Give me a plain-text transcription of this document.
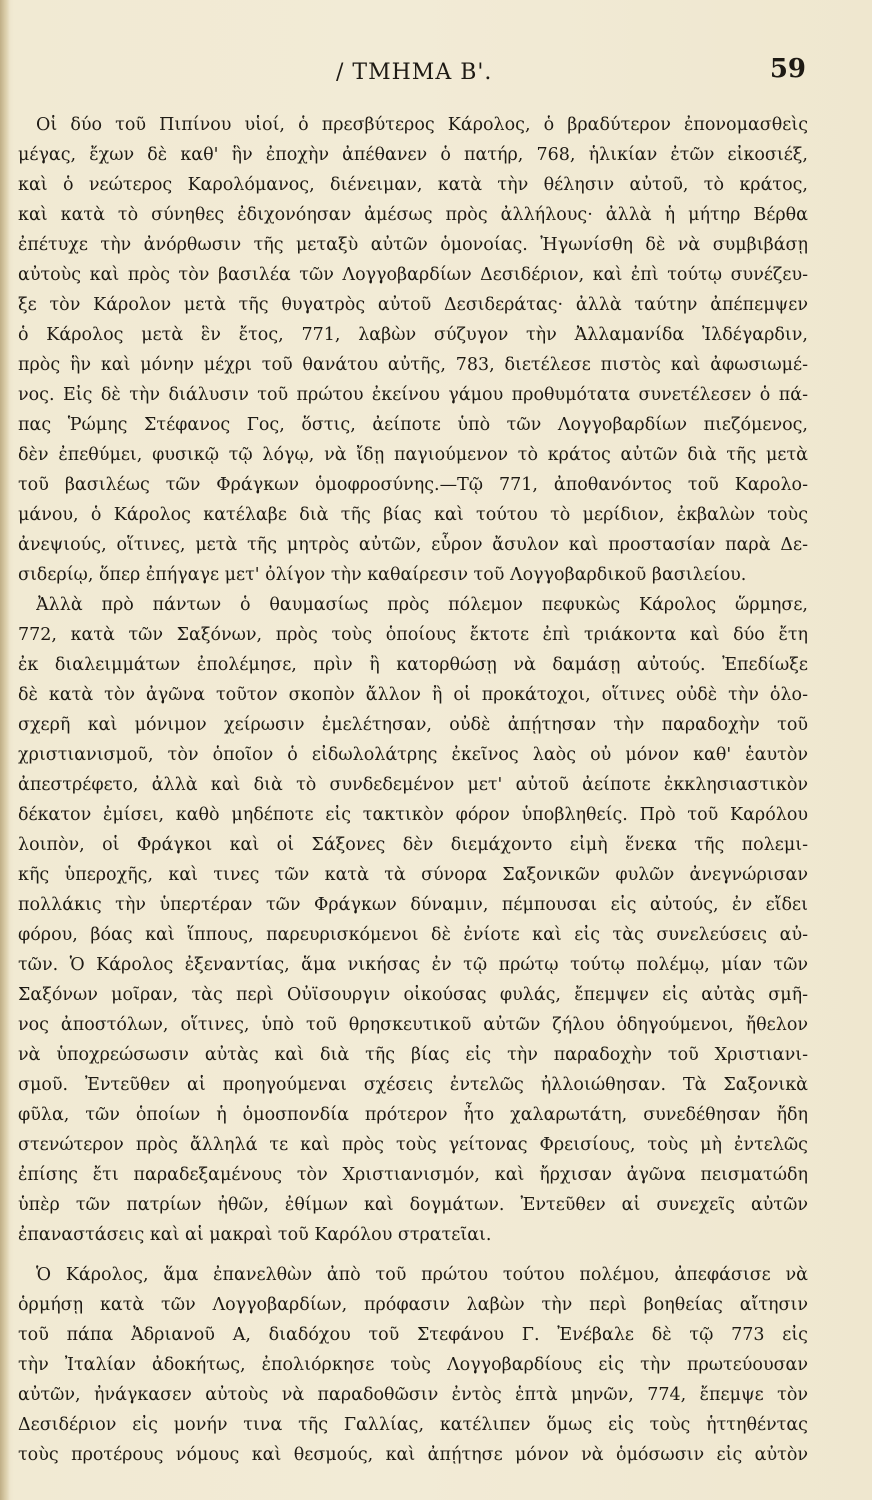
/ ΤΜΗΜΑ Β'.	59
Οἱ δύο τοῦ Πιπίνου υἱοί, ὁ πρεσβύτερος Κάρολος, ὁ βραδύτερον ἐπονομασθεὶς
μέγας, ἔχων δὲ καθ' ἣν ἐποχὴν ἀπέθανεν ὁ πατήρ, 768, ἡλικίαν ἐτῶν εἰκοσιέξ,
καὶ ὁ νεώτερος Καρολόμανος, διένειμαν, κατὰ τὴν θέλησιν αὐτοῦ, τὸ κράτος,
καὶ κατὰ τὸ σύνηθες ἐδιχονόησαν ἀμέσως πρὸς ἀλλήλους· ἀλλὰ ἡ μήτηρ Βέρθα
ἐπέτυχε τὴν ἀνόρθωσιν τῆς μεταξὺ αὐτῶν ὁμονοίας. Ἠγωνίσθη δὲ νὰ συμβιβάσῃ
αὐτοὺς καὶ πρὸς τὸν βασιλέα τῶν Λογγοβαρδίων Δεσιδέριον, καὶ ἐπὶ τούτῳ συνέζευ-
ξε τὸν Κάρολον μετὰ τῆς θυγατρὸς αὐτοῦ Δεσιδεράτας· ἀλλὰ ταύτην ἀπέπεμψεν
ὁ Κάρολος μετὰ ἓν ἔτος, 771, λαβὼν σύζυγον τὴν Ἀλλαμανίδα Ἰλδέγαρδιν,
πρὸς ἣν καὶ μόνην μέχρι τοῦ θανάτου αὐτῆς, 783, διετέλεσε πιστὸς καὶ ἀφωσιωμέ-
νος. Εἰς δὲ τὴν διάλυσιν τοῦ πρώτου ἐκείνου γάμου προθυμότατα συνετέλεσεν ὁ πά-
πας Ῥώμης Στέφανος Γος, ὅστις, ἀείποτε ὑπὸ τῶν Λογγοβαρδίων πιεζόμενος,
δὲν ἐπεθύμει, φυσικῷ τῷ λόγῳ, νὰ ἴδῃ παγιούμενον τὸ κράτος αὐτῶν διὰ τῆς μετὰ
τοῦ βασιλέως τῶν Φράγκων ὁμοφροσύνης.—Τῷ 771, ἀποθανόντος τοῦ Καρολο-
μάνου, ὁ Κάρολος κατέλαβε διὰ τῆς βίας καὶ τούτου τὸ μερίδιον, ἐκβαλὼν τοὺς
ἀνεψιούς, οἵτινες, μετὰ τῆς μητρὸς αὐτῶν, εὗρον ἄσυλον καὶ προστασίαν παρὰ Δε-
σιδερίῳ, ὅπερ ἐπήγαγε μετ' ὀλίγον τὴν καθαίρεσιν τοῦ Λογγοβαρδικοῦ βασιλείου.
Ἀλλὰ πρὸ πάντων ὁ θαυμασίως πρὸς πόλεμον πεφυκὼς Κάρολος ὥρμησε,
772, κατὰ τῶν Σαξόνων, πρὸς τοὺς ὁποίους ἔκτοτε ἐπὶ τριάκοντα καὶ δύο ἔτη
ἐκ διαλειμμάτων ἐπολέμησε, πρὶν ἢ κατορθώσῃ νὰ δαμάσῃ αὐτούς. Ἐπεδίωξε
δὲ κατὰ τὸν ἀγῶνα τοῦτον σκοπὸν ἄλλον ἢ οἱ προκάτοχοι, οἵτινες οὐδὲ τὴν ὁλο-
σχερῆ καὶ μόνιμον χείρωσιν ἐμελέτησαν, οὐδὲ ἀπῄτησαν τὴν παραδοχὴν τοῦ
χριστιανισμοῦ, τὸν ὁποῖον ὁ εἰδωλολάτρης ἐκεῖνος λαὸς οὐ μόνον καθ' ἑαυτὸν
ἀπεστρέφετο, ἀλλὰ καὶ διὰ τὸ συνδεδεμένον μετ' αὐτοῦ ἀείποτε ἐκκλησιαστικὸν
δέκατον ἐμίσει, καθὸ μηδέποτε εἰς τακτικὸν φόρον ὑποβληθείς. Πρὸ τοῦ Καρόλου
λοιπὸν, οἱ Φράγκοι καὶ οἱ Σάξονες δὲν διεμάχοντο εἰμὴ ἕνεκα τῆς πολεμι-
κῆς ὑπεροχῆς, καὶ τινες τῶν κατὰ τὰ σύνορα Σαξονικῶν φυλῶν ἀνεγνώρισαν
πολλάκις τὴν ὑπερτέραν τῶν Φράγκων δύναμιν, πέμπουσαι εἰς αὐτούς, ἐν εἴδει
φόρου, βόας καὶ ἵππους, παρευρισκόμενοι δὲ ἐνίοτε καὶ εἰς τὰς συνελεύσεις αὐ-
τῶν. Ὁ Κάρολος ἐξεναντίας, ἅμα νικήσας ἐν τῷ πρώτῳ τούτῳ πολέμῳ, μίαν τῶν
Σαξόνων μοῖραν, τὰς περὶ Οὐϊσουργιν οἰκούσας φυλάς, ἔπεμψεν εἰς αὐτὰς σμῆ-
νος ἀποστόλων, οἵτινες, ὑπὸ τοῦ θρησκευτικοῦ αὐτῶν ζήλου ὁδηγούμενοι, ἤθελον
νὰ ὑποχρεώσωσιν αὐτὰς καὶ διὰ τῆς βίας εἰς τὴν παραδοχὴν τοῦ Χριστιανι-
σμοῦ. Ἐντεῦθεν αἱ προηγούμεναι σχέσεις ἐντελῶς ἠλλοιώθησαν. Τὰ Σαξονικὰ
φῦλα, τῶν ὁποίων ἡ ὁμοσπονδία πρότερον ἦτο χαλαρωτάτη, συνεδέθησαν ἤδη
στενώτερον πρὸς ἄλληλά τε καὶ πρὸς τοὺς γείτονας Φρεισίους, τοὺς μὴ ἐντελῶς
ἐπίσης ἔτι παραδεξαμένους τὸν Χριστιανισμόν, καὶ ἤρχισαν ἀγῶνα πεισματώδη
ὑπὲρ τῶν πατρίων ἠθῶν, ἐθίμων καὶ δογμάτων. Ἐντεῦθεν αἱ συνεχεῖς αὐτῶν
ἐπαναστάσεις καὶ αἱ μακραὶ τοῦ Καρόλου στρατεῖαι.
Ὁ Κάρολος, ἅμα ἐπανελθὼν ἀπὸ τοῦ πρώτου τούτου πολέμου, ἀπεφάσισε νὰ
ὁρμήσῃ κατὰ τῶν Λογγοβαρδίων, πρόφασιν λαβὼν τὴν περὶ βοηθείας αἴτησιν
τοῦ πάπα Ἀδριανοῦ Α, διαδόχου τοῦ Στεφάνου Γ. Ἐνέβαλε δὲ τῷ 773 εἰς
τὴν Ἰταλίαν ἀδοκήτως, ἐπολιόρκησε τοὺς Λογγοβαρδίους εἰς τὴν πρωτεύουσαν
αὐτῶν, ἠνάγκασεν αὐτοὺς νὰ παραδοθῶσιν ἐντὸς ἑπτὰ μηνῶν, 774, ἔπεμψε τὸν
Δεσιδέριον εἰς μονήν τινα τῆς Γαλλίας, κατέλιπεν ὅμως εἰς τοὺς ἡττηθέντας
τοὺς προτέρους νόμους καὶ θεσμούς, καὶ ἀπῄτησε μόνον νὰ ὁμόσωσιν εἰς αὐτὸν
